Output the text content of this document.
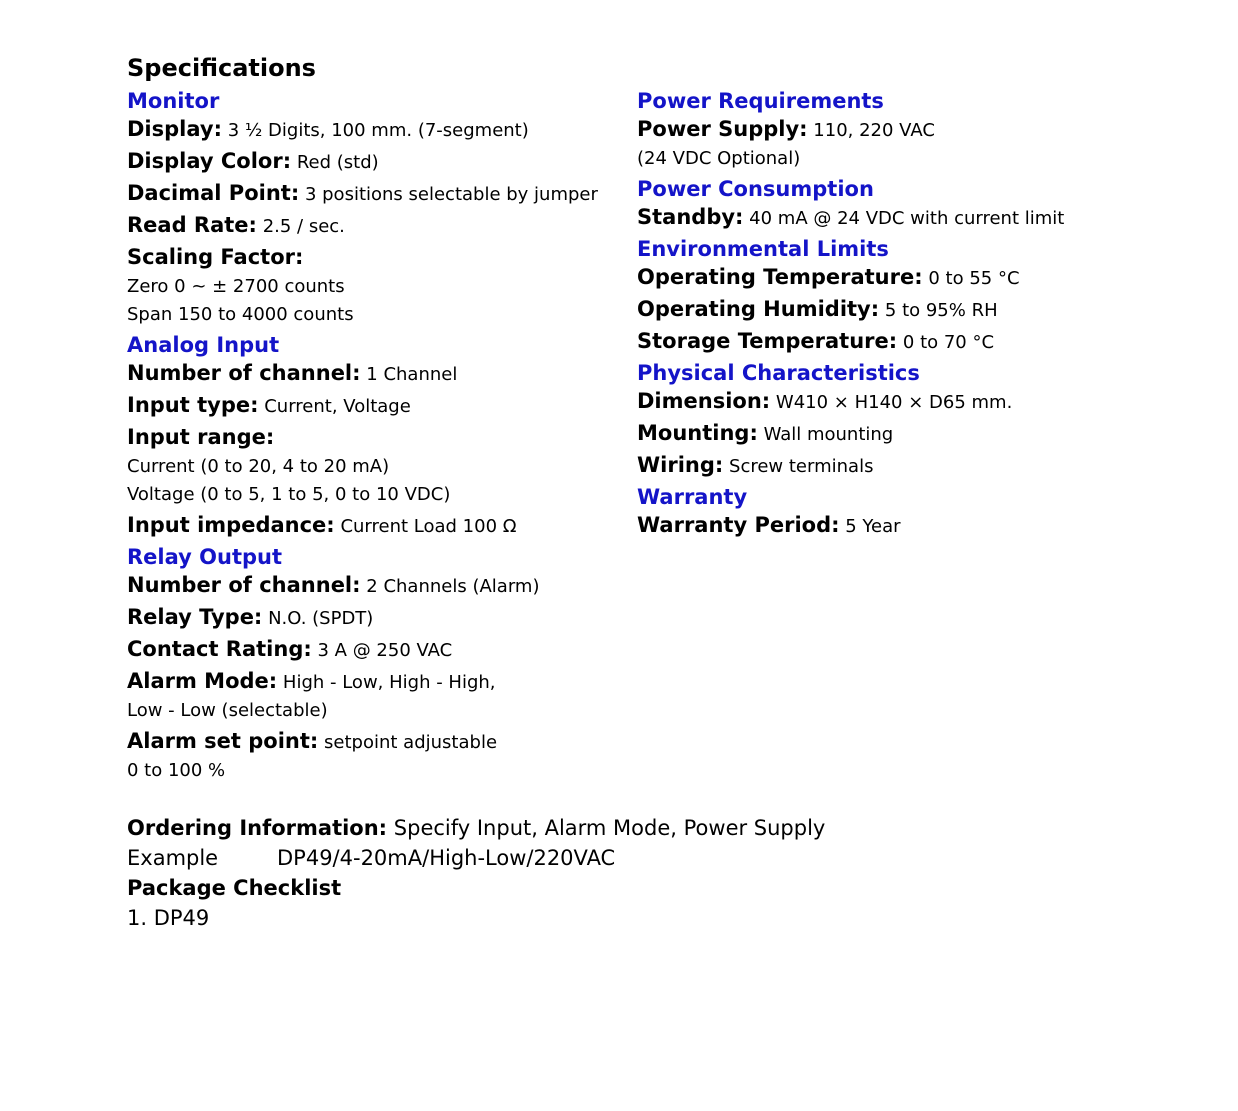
Specifications

Monitor

Display: 3 ½ Digits, 100 mm. (7-segment)

Display Color: Red (std)

Dacimal Point: 3 positions selectable by jumper

Read Rate: 2.5 / sec.

Scaling Factor:
Zero 0 ~ ± 2700 counts
Span 150 to 4000 counts

Analog Input

Number of channel: 1 Channel

Input type: Current, Voltage

Input range:
Current (0 to 20, 4 to 20 mA)
Voltage (0 to 5, 1 to 5, 0 to 10 VDC)

Input impedance: Current Load 100 Ω

Relay Output

Number of channel: 2 Channels (Alarm)

Relay Type: N.O. (SPDT)

Contact Rating: 3 A @ 250 VAC

Alarm Mode: High - Low, High - High,
Low - Low (selectable)

Alarm set point: setpoint adjustable
0 to 100 %

Power Requirements

Power Supply: 110, 220 VAC
(24 VDC Optional)

Power Consumption

Standby: 40 mA @ 24 VDC with current limit

Environmental Limits

Operating Temperature: 0 to 55 °C

Operating Humidity: 5 to 95% RH

Storage Temperature: 0 to 70 °C

Physical Characteristics

Dimension: W410 × H140 × D65 mm.

Mounting: Wall mounting

Wiring: Screw terminals

Warranty

Warranty Period: 5 Year

Ordering Information: Specify Input, Alarm Mode, Power Supply

Example	DP49/4-20mA/High-Low/220VAC

Package Checklist

1. DP49
